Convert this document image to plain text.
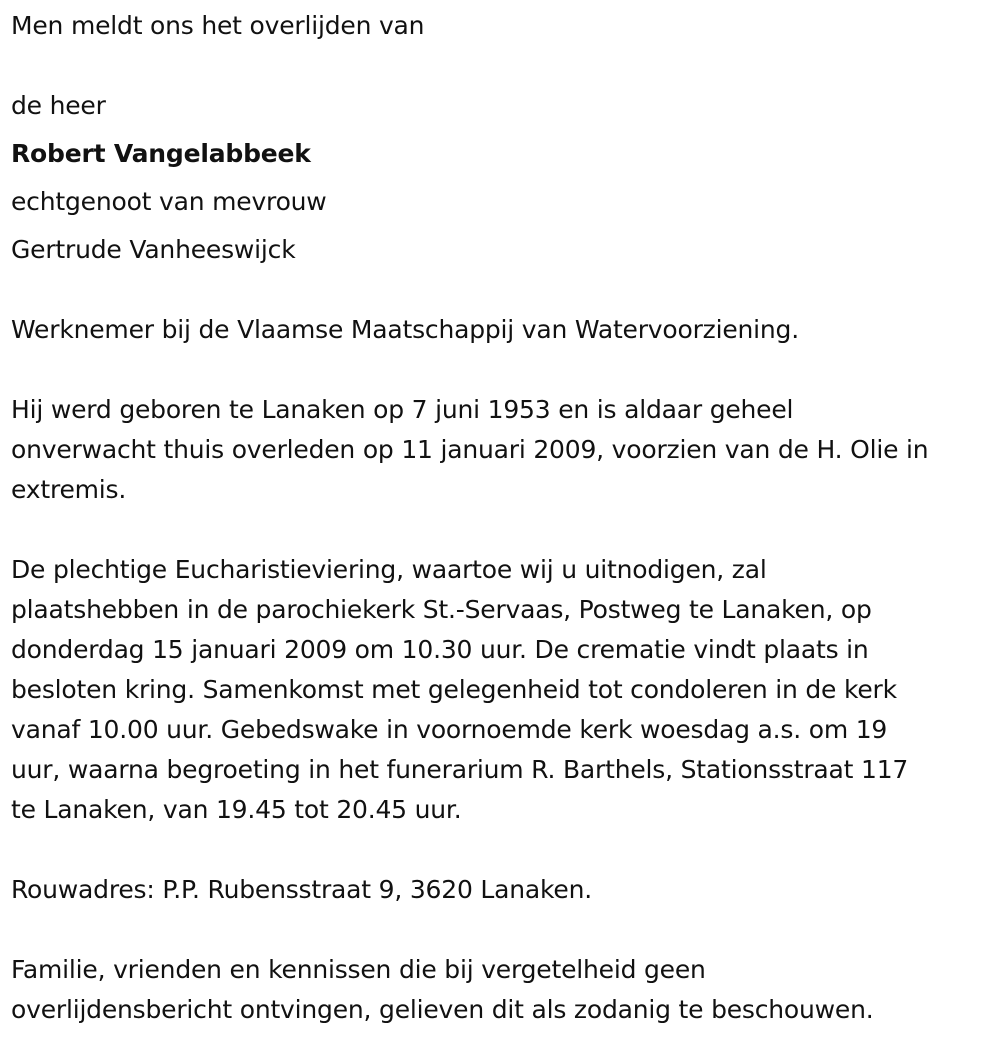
Men meldt ons het overlijden van
de heer
Robert Vangelabbeek
echtgenoot van mevrouw
Gertrude Vanheeswijck
Werknemer bij de Vlaamse Maatschappij van Watervoorziening.
Hij werd geboren te Lanaken op 7 juni 1953 en is aldaar geheel
onverwacht thuis overleden op 11 januari 2009, voorzien van de H. Olie in
extremis.
De plechtige Eucharistieviering, waartoe wij u uitnodigen, zal
plaatshebben in de parochiekerk St.-Servaas, Postweg te Lanaken, op
donderdag 15 januari 2009 om 10.30 uur. De crematie vindt plaats in
besloten kring. Samenkomst met gelegenheid tot condoleren in de kerk
vanaf 10.00 uur. Gebedswake in voornoemde kerk woesdag a.s. om 19
uur, waarna begroeting in het funerarium R. Barthels, Stationsstraat 117
te Lanaken, van 19.45 tot 20.45 uur.
Rouwadres: P.P. Rubensstraat 9, 3620 Lanaken.
Familie, vrienden en kennissen die bij vergetelheid geen
overlijdensbericht ontvingen, gelieven dit als zodanig te beschouwen.
